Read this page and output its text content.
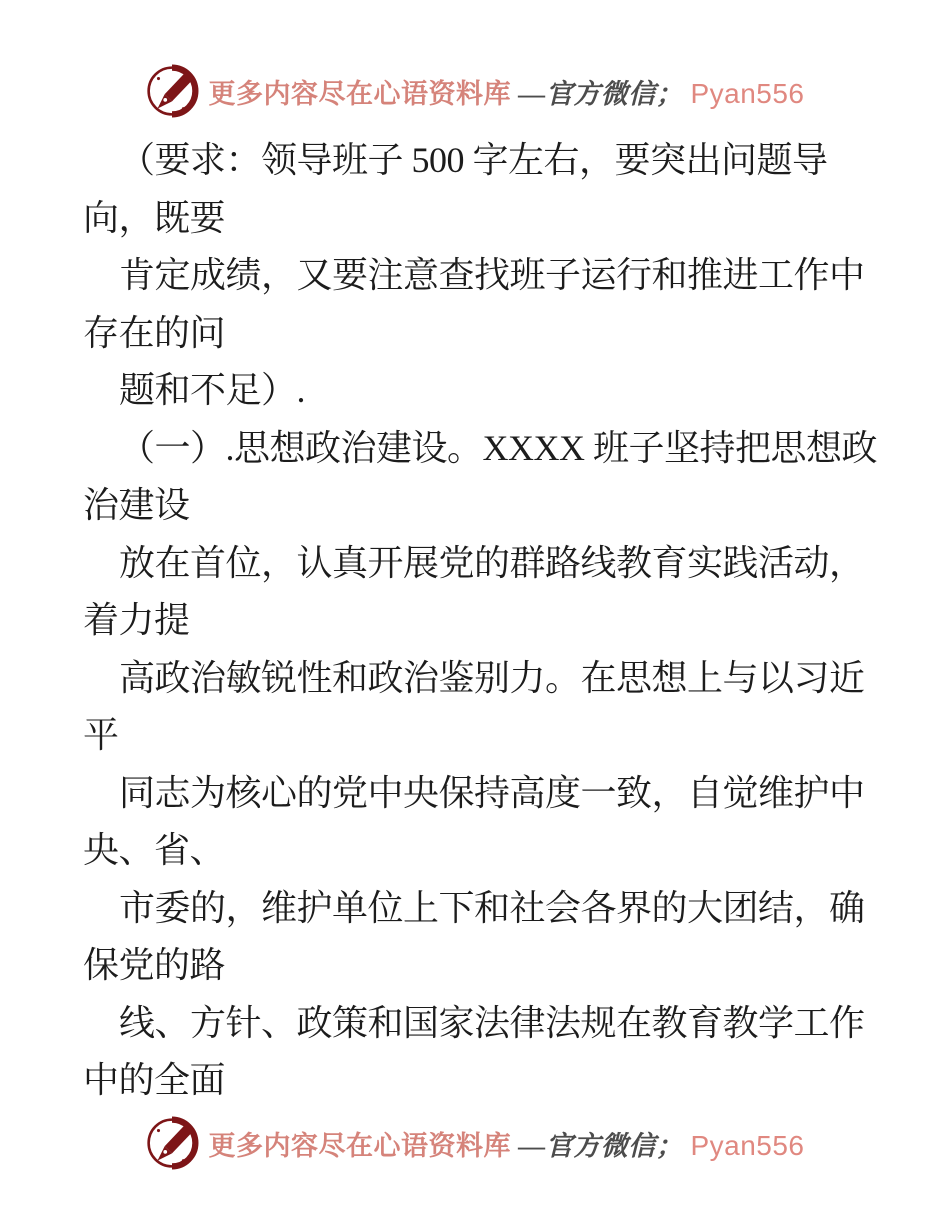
更多内容尽在心语资料库 —官方微信； Pyan556

（要求：领导班子 500 字左右，要突出问题导

向，既要

肯定成绩，又要注意查找班子运行和推进工作中

存在的问

题和不足）.

（一）.思想政治建设。XXXX 班子坚持把思想政

治建设

放在首位，认真开展党的群路线教育实践活动，

着力提

高政治敏锐性和政治鉴别力。在思想上与以习近

平

同志为核心的党中央保持高度一致，自觉维护中

央、省、

市委的，维护单位上下和社会各界的大团结，确

保党的路

线、方针、政策和国家法律法规在教育教学工作

中的全面

更多内容尽在心语资料库 —官方微信； Pyan556
